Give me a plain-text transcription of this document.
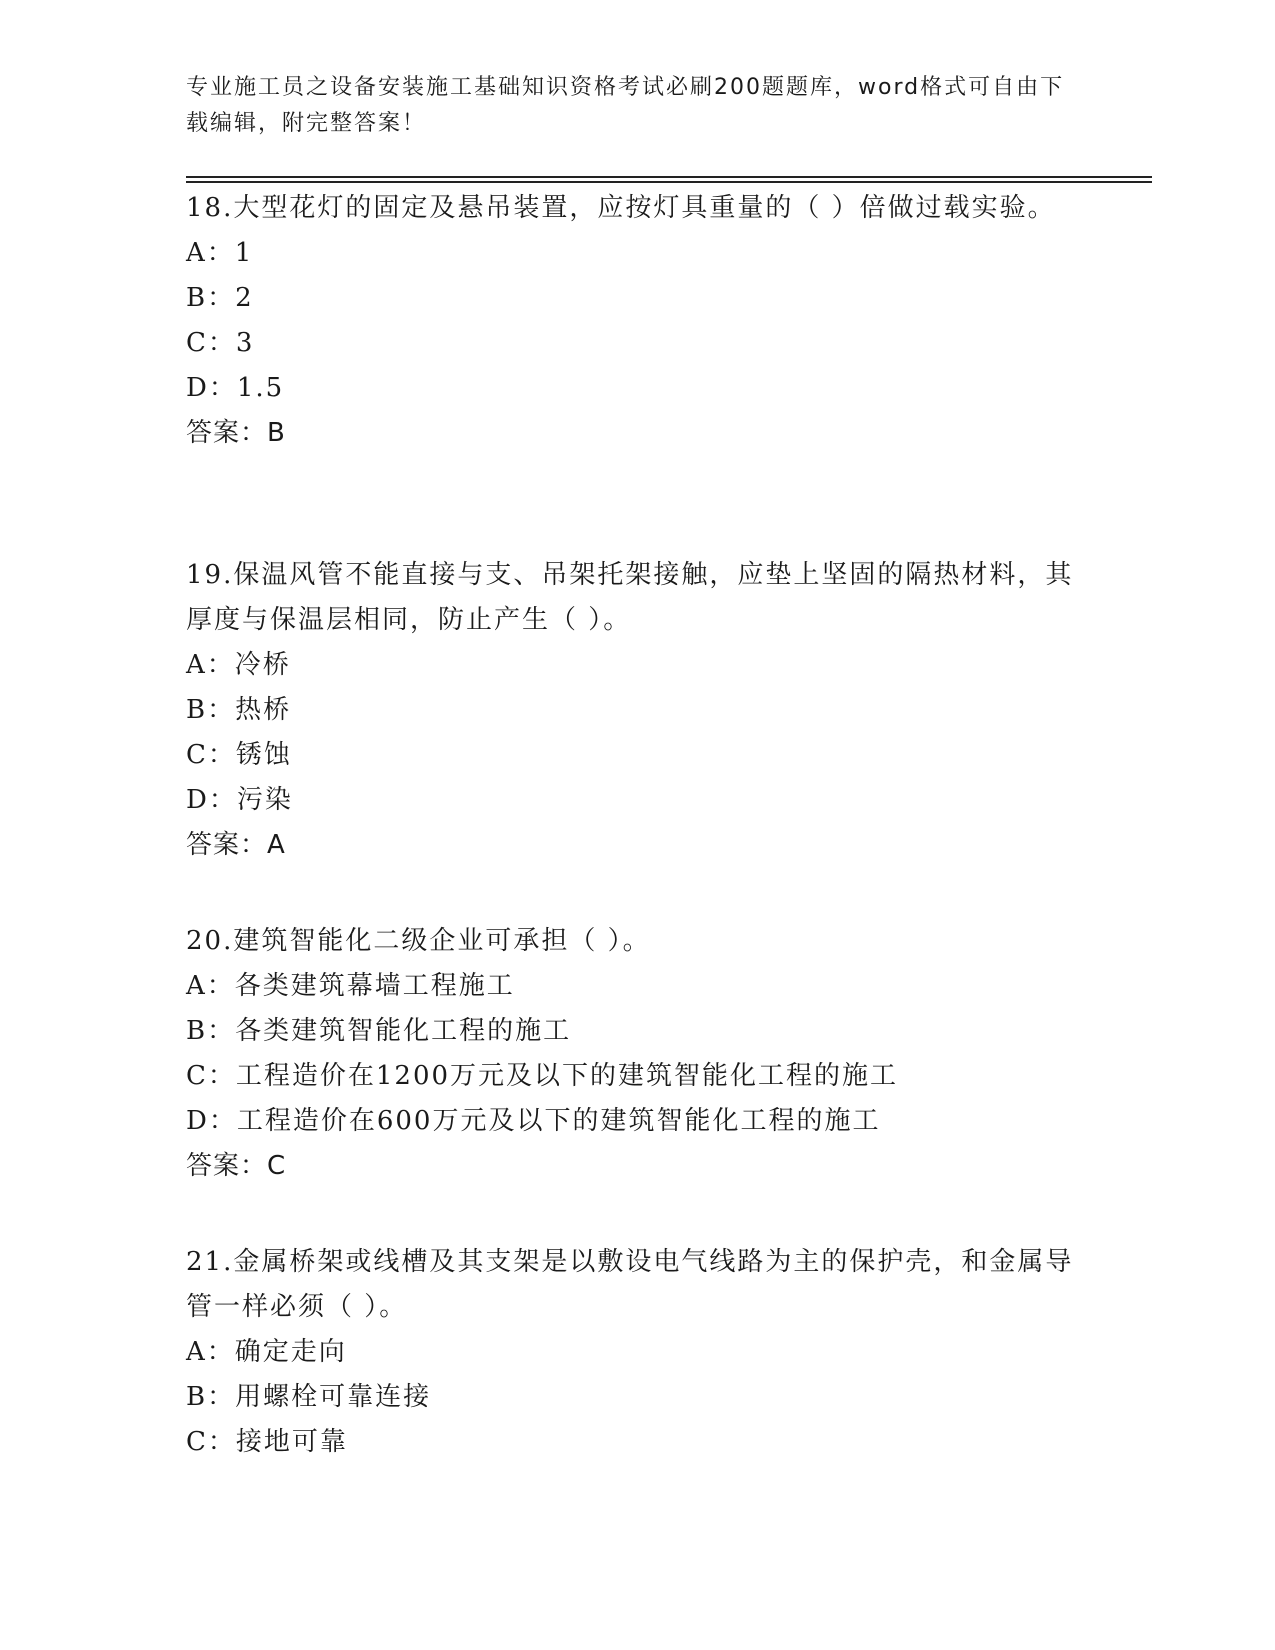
专业施工员之设备安装施工基础知识资格考试必刷200题题库，word格式可自由下载编辑，附完整答案！

18.大型花灯的固定及悬吊装置，应按灯具重量的（ ）倍做过载实验。

A：1

B：2

C：3

D：1.5

答案：B

19.保温风管不能直接与支、吊架托架接触，应垫上坚固的隔热材料，其厚度与保温层相同，防止产生（ ）。

A：冷桥

B：热桥

C：锈蚀

D：污染

答案：A

20.建筑智能化二级企业可承担（ ）。

A：各类建筑幕墙工程施工

B：各类建筑智能化工程的施工

C：工程造价在1200万元及以下的建筑智能化工程的施工

D：工程造价在600万元及以下的建筑智能化工程的施工

答案：C

21.金属桥架或线槽及其支架是以敷设电气线路为主的保护壳，和金属导管一样必须（ ）。

A：确定走向

B：用螺栓可靠连接

C：接地可靠
